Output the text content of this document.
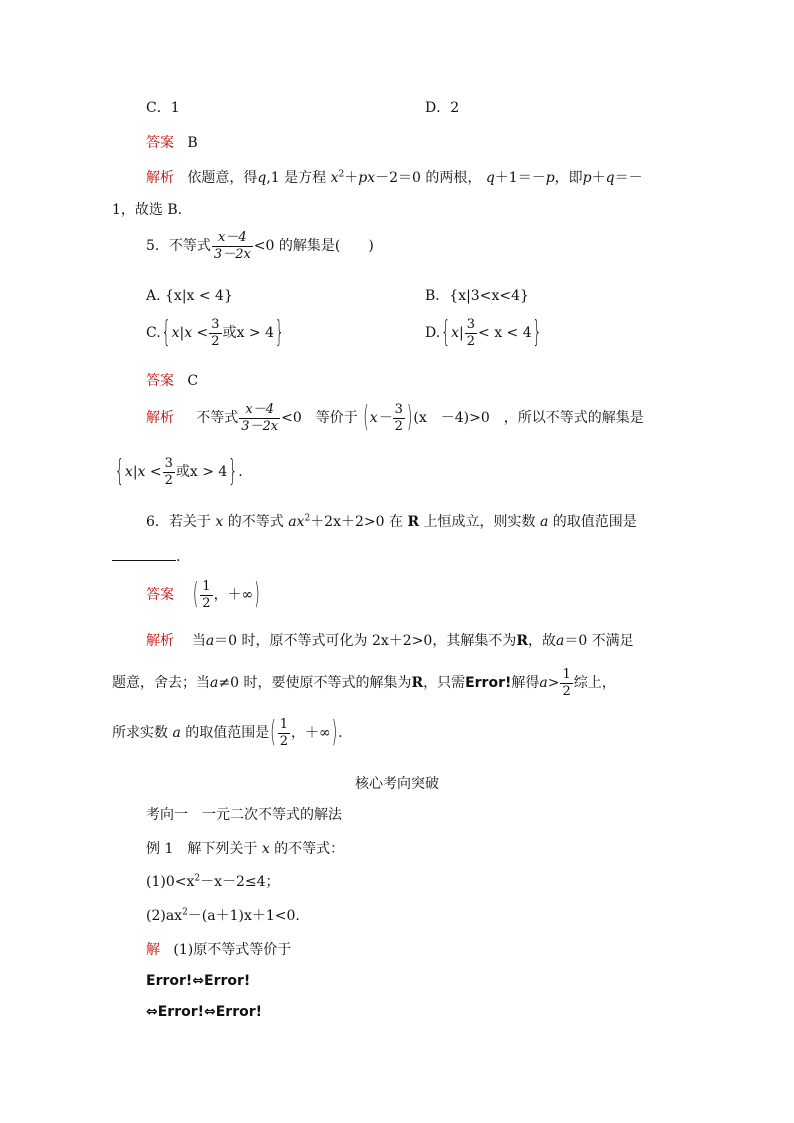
C．1	D．2
答案 B
解析 依题意，得q,1 是方程 $x^2+px-2=0$ 的两根， q＋1＝－p，即p＋q＝－
1，故选 B.
5．不等式 $\frac{x-4}{3-2x} <0$ 的解集是(　　)
A. {x|x < 4}	B．{x|3<x<4}
$C.\{x|x < \frac{3}{2}$ 或x > 4}	$D.\{x| \frac{3}{2} < x < 4\}$
答案 C
解析 不等式 $\frac{x-4}{3-2x} <0$　等价于 $(x- \frac{3}{2} )(x$　－4)>0　，所以不等式的解集是
{$x|x < \frac{3}{2}$ 或x > 4}.
6．若关于 x 的不等式 $ax^2+2x+2>0$ 在 R 上恒成立，则实数 a 的取值范围是
.
答案 ( $\frac{1}{2}$ ，＋∞)
解析 当a＝0 时，原不等式可化为 2x＋2>0，其解集不为R，故a＝0 不满足
题意，舍去；当a≠0 时，要使原不等式的解集为R，只需Error!解得$a> \frac{1}{2}$ 综上，
所求实数 a 的取值范围是( $\frac{1}{2}$ ，＋∞).
核心考向突破
考向一　一元二次不等式的解法
例 1　解下列关于 x 的不等式：
$(1)0<x^2-x-2\le 4$；
$(2)ax^2-(a+1)x+1<0$.
解 (1)原不等式等价于
Error!⇔Error!
⇔Error!⇔Error!
